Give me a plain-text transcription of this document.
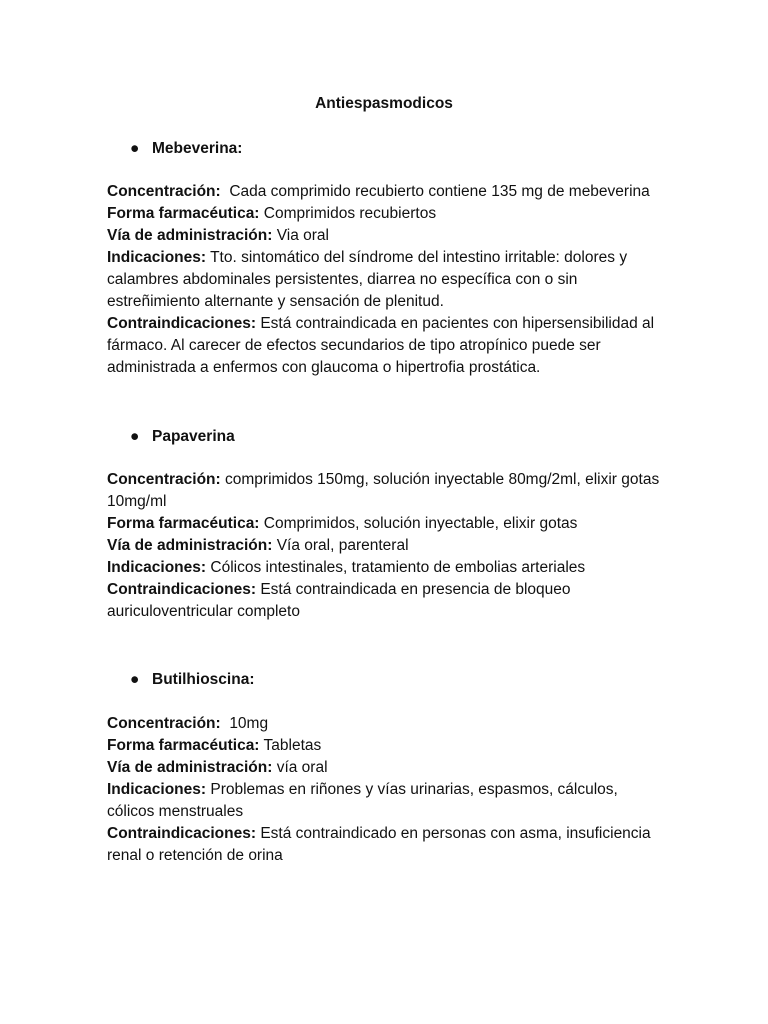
Antiespasmodicos
● Mebeverina:

Concentración: Cada comprimido recubierto contiene 135 mg de mebeverina

Forma farmacéutica: Comprimidos recubiertos

Vía de administración: Via oral

Indicaciones: Tto. sintomático del síndrome del intestino irritable: dolores y calambres abdominales persistentes, diarrea no específica con o sin estreñimiento alternante y sensación de plenitud.

Contraindicaciones: Está contraindicada en pacientes con hipersensibilidad al fármaco. Al carecer de efectos secundarios de tipo atropínico puede ser administrada a enfermos con glaucoma o hipertrofia prostática.

● Papaverina

Concentración: comprimidos 150mg, solución inyectable 80mg/2ml, elixir gotas 10mg/ml

Forma farmacéutica: Comprimidos, solución inyectable, elixir gotas

Vía de administración: Vía oral, parenteral

Indicaciones: Cólicos intestinales, tratamiento de embolias arteriales

Contraindicaciones: Está contraindicada en presencia de bloqueo auriculoventricular completo

● Butilhioscina:

Concentración: 10mg

Forma farmacéutica: Tabletas

Vía de administración: vía oral

Indicaciones: Problemas en riñones y vías urinarias, espasmos, cálculos, cólicos menstruales

Contraindicaciones: Está contraindicado en personas con asma, insuficiencia renal o retención de orina
